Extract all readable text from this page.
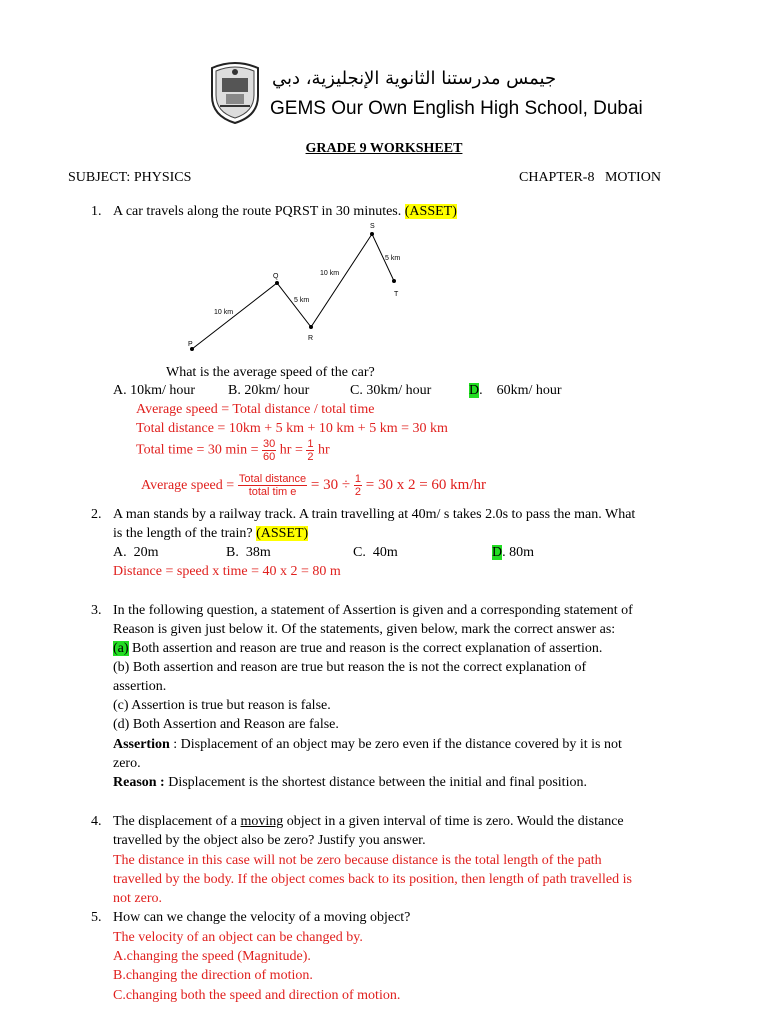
جيمس مدرستنا الثانوية الإنجليزية، دبي
GEMS Our Own English High School, Dubai
GRADE 9 WORKSHEET
SUBJECT: PHYSICS	CHAPTER-8   MOTION
1. A car travels along the route PQRST in 30 minutes. (ASSET)
P
Q
R
S
T
10 km
5 km
10 km
5 km
What is the average speed of the car?
A. 10km/ hour B. 20km/ hour	C. 30km/ hour	D.    60km/ hour
Average speed = Total distance / total time
Total distance = 10km + 5 km + 10 km + 5 km = 30 km
Total time = 30 $\min = \frac{30}{60}$ hr = $\frac{1}{2}$ hr
Average speed = $\frac{\text{Total distance}}{\text{total tim e}} = 30 \div \frac{1}{2} = 30$ x 2 = 60 km/hr
2. A man stands by a railway track. A train travelling at 40m/ s takes 2.0s to pass the man. What
is the length of the train? (ASSET)
A. 20m	B. 38m	C. 40m	D. 80m
Distance = speed x time = 40 x 2 = 80 m
3. In the following question, a statement of Assertion is given and a corresponding statement of
Reason is given just below it. Of the statements, given below, mark the correct answer as:
(a) Both assertion and reason are true and reason is the correct explanation of assertion.
(b) Both assertion and reason are true but reason the is not the correct explanation of
assertion.
(c) Assertion is true but reason is false.
(d) Both Assertion and Reason are false.
Assertion : Displacement of an object may be zero even if the distance covered by it is not
zero.
Reason : Displacement is the shortest distance between the initial and final position.
4. The displacement of a moving object in a given interval of time is zero. Would the distance
travelled by the object also be zero? Justify you answer.
The distance in this case will not be zero because distance is the total length of the path
travelled by the body. If the object comes back to its position, then length of path travelled is
not zero.
5. How can we change the velocity of a moving object?
The velocity of an object can be changed by.
A.changing the speed (Magnitude).
B.changing the direction of motion.
C.changing both the speed and direction of motion.
